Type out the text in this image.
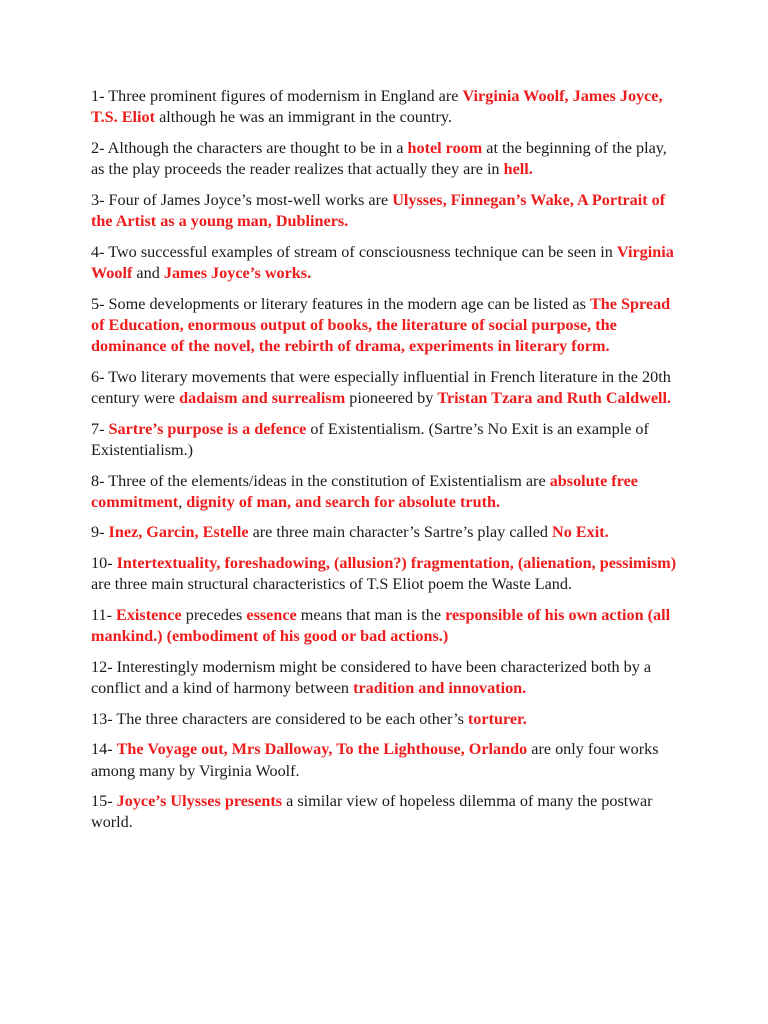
1- Three prominent figures of modernism in England are Virginia Woolf, James Joyce, T.S. Eliot although he was an immigrant in the country.

2- Although the characters are thought to be in a hotel room at the beginning of the play, as the play proceeds the reader realizes that actually they are in hell.

3- Four of James Joyce’s most-well works are Ulysses, Finnegan’s Wake, A Portrait of the Artist as a young man, Dubliners.

4- Two successful examples of stream of consciousness technique can be seen in Virginia Woolf and James Joyce’s works.

5- Some developments or literary features in the modern age can be listed as The Spread of Education, enormous output of books, the literature of social purpose, the dominance of the novel, the rebirth of drama, experiments in literary form.

6- Two literary movements that were especially influential in French literature in the 20th century were dadaism and surrealism pioneered by Tristan Tzara and Ruth Caldwell.

7- Sartre’s purpose is a defence of Existentialism. (Sartre’s No Exit is an example of Existentialism.)

8- Three of the elements/ideas in the constitution of Existentialism are absolute free commitment, dignity of man, and search for absolute truth.

9- Inez, Garcin, Estelle are three main character’s Sartre’s play called No Exit.

10- Intertextuality, foreshadowing, (allusion?) fragmentation, (alienation, pessimism) are three main structural characteristics of T.S Eliot poem the Waste Land.

11- Existence precedes essence means that man is the responsible of his own action (all mankind.) (embodiment of his good or bad actions.)

12- Interestingly modernism might be considered to have been characterized both by a conflict and a kind of harmony between tradition and innovation.

13- The three characters are considered to be each other’s torturer.

14- The Voyage out, Mrs Dalloway, To the Lighthouse, Orlando are only four works among many by Virginia Woolf.

15- Joyce’s Ulysses presents a similar view of hopeless dilemma of many the postwar world.
